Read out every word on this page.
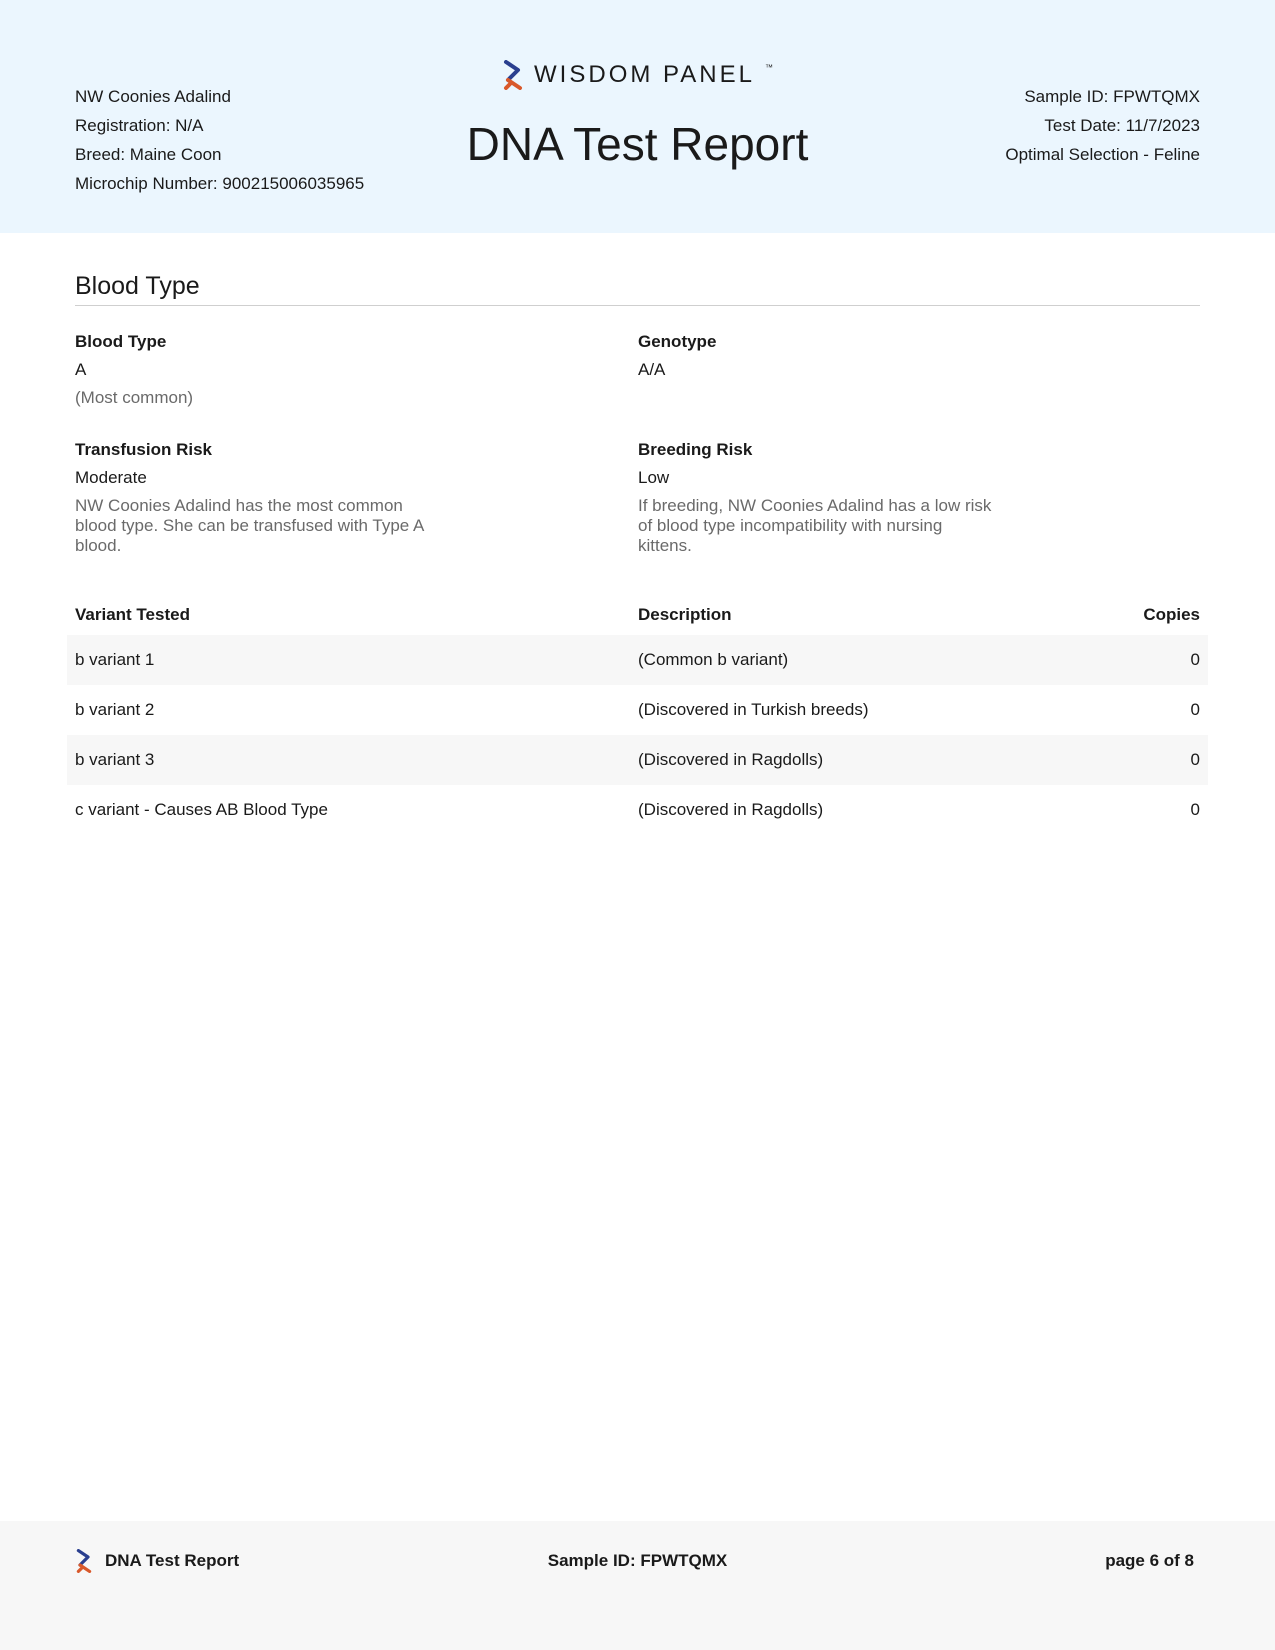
NW Coonies Adalind
Registration: N/A
Breed: Maine Coon
Microchip Number: 900215006035965
WISDOM PANEL ™
DNA Test Report
Sample ID: FPWTQMX
Test Date: 11/7/2023
Optimal Selection - Feline
Blood Type
Blood Type
A
(Most common)
Genotype
A/A
Transfusion Risk
Moderate
NW Coonies Adalind has the most common blood type. She can be transfused with Type A blood.
Breeding Risk
Low
If breeding, NW Coonies Adalind has a low risk of blood type incompatibility with nursing kittens.
Variant Tested	Description	Copies
b variant 1	(Common b variant)	0
b variant 2	(Discovered in Turkish breeds)	0
b variant 3	(Discovered in Ragdolls)	0
c variant - Causes AB Blood Type	(Discovered in Ragdolls)	0
DNA Test Report	Sample ID: FPWTQMX	page 6 of 8
